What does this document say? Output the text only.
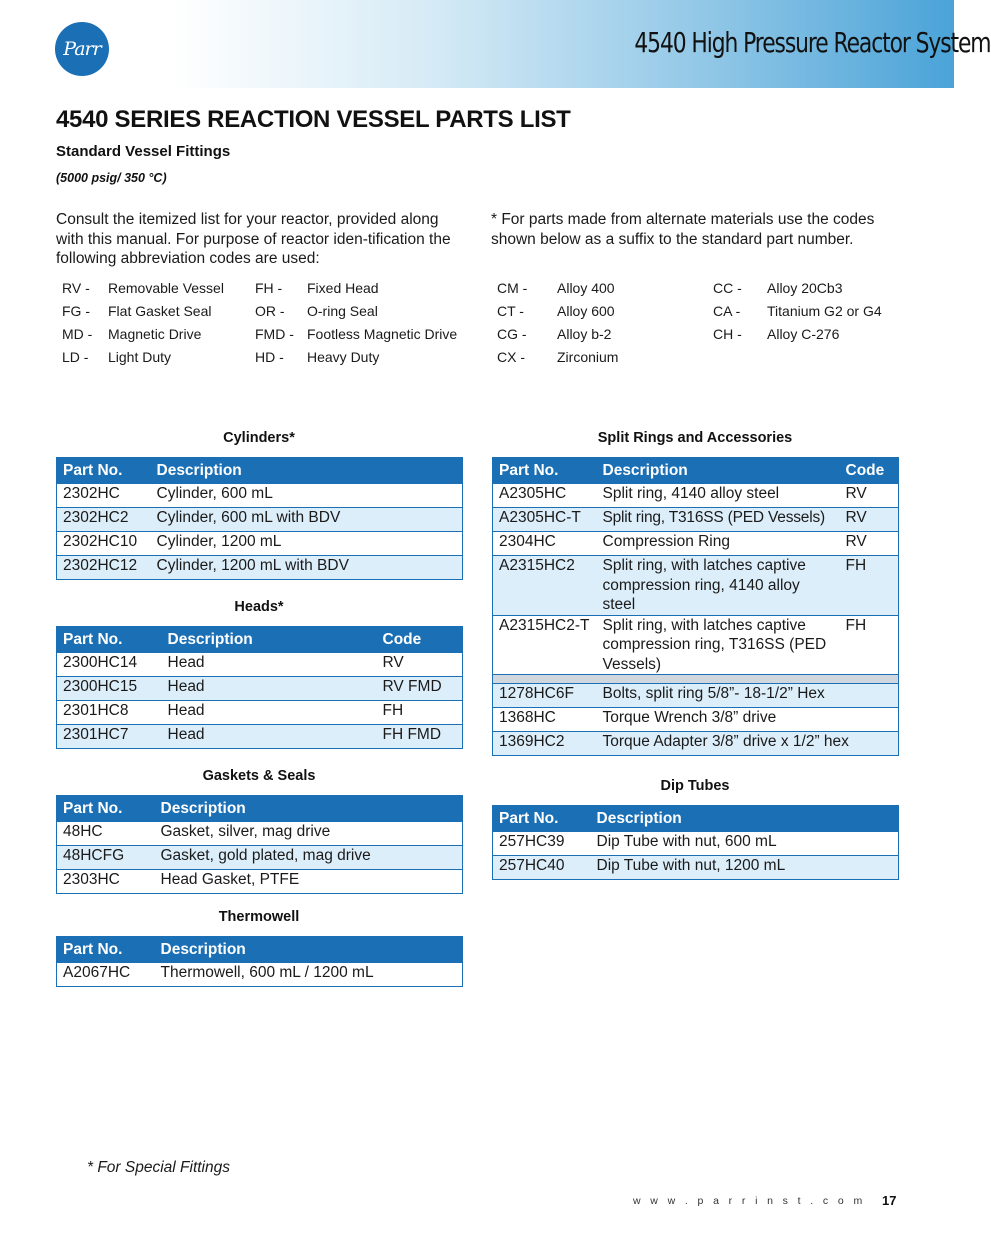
Parr	4540 High Pressure Reactor System
4540 SERIES REACTION VESSEL PARTS LIST
Standard Vessel Fittings
(5000 psig/ 350 °C)
Consult the itemized list for your reactor, provided along with this manual. For purpose of reactor iden-tification the following abbreviation codes are used:
* For parts made from alternate materials use the codes shown below as a suffix to the standard part number.
RV -	Removable Vessel	FH -	Fixed Head
FG -	Flat Gasket Seal	OR -	O-ring Seal
MD -	Magnetic Drive	FMD -	Footless Magnetic Drive
LD -	Light Duty	HD -	Heavy Duty
CM -	Alloy 400	CC -	Alloy 20Cb3
CT -	Alloy 600	CA -	Titanium G2 or G4
CG -	Alloy b-2	CH -	Alloy C-276
CX -	Zirconium		
Cylinders*
Part No.	Description
2302HC	Cylinder, 600 mL
2302HC2	Cylinder, 600 mL with BDV
2302HC10	Cylinder, 1200 mL
2302HC12	Cylinder, 1200 mL with BDV
Heads*
Part No.	Description	Code
2300HC14	Head	RV
2300HC15	Head	RV FMD
2301HC8	Head	FH
2301HC7	Head	FH FMD
Gaskets & Seals
Part No.	Description
48HC	Gasket, silver, mag drive
48HCFG	Gasket, gold plated, mag drive
2303HC	Head Gasket, PTFE
Thermowell
Part No.	Description
A2067HC	Thermowell, 600 mL / 1200 mL
Split Rings and Accessories
Part No.	Description	Code
A2305HC	Split ring, 4140 alloy steel	RV
A2305HC-T	Split ring, T316SS (PED Vessels)	RV
2304HC	Compression Ring	RV
A2315HC2	Split ring, with latches captive compression ring, 4140 alloy steel	FH
A2315HC2-T	Split ring, with latches captive compression ring, T316SS (PED Vessels)	FH

1278HC6F	Bolts, split ring 5/8”- 18-1/2” Hex	
1368HC	Torque Wrench 3/8” drive	
1369HC2	Torque Adapter 3/8” drive x 1/2” hex	
Dip Tubes
Part No.	Description
257HC39	Dip Tube with nut, 600 mL
257HC40	Dip Tube with nut, 1200 mL
* For Special Fittings
w w w . p a r r i n s t . c o m 17
